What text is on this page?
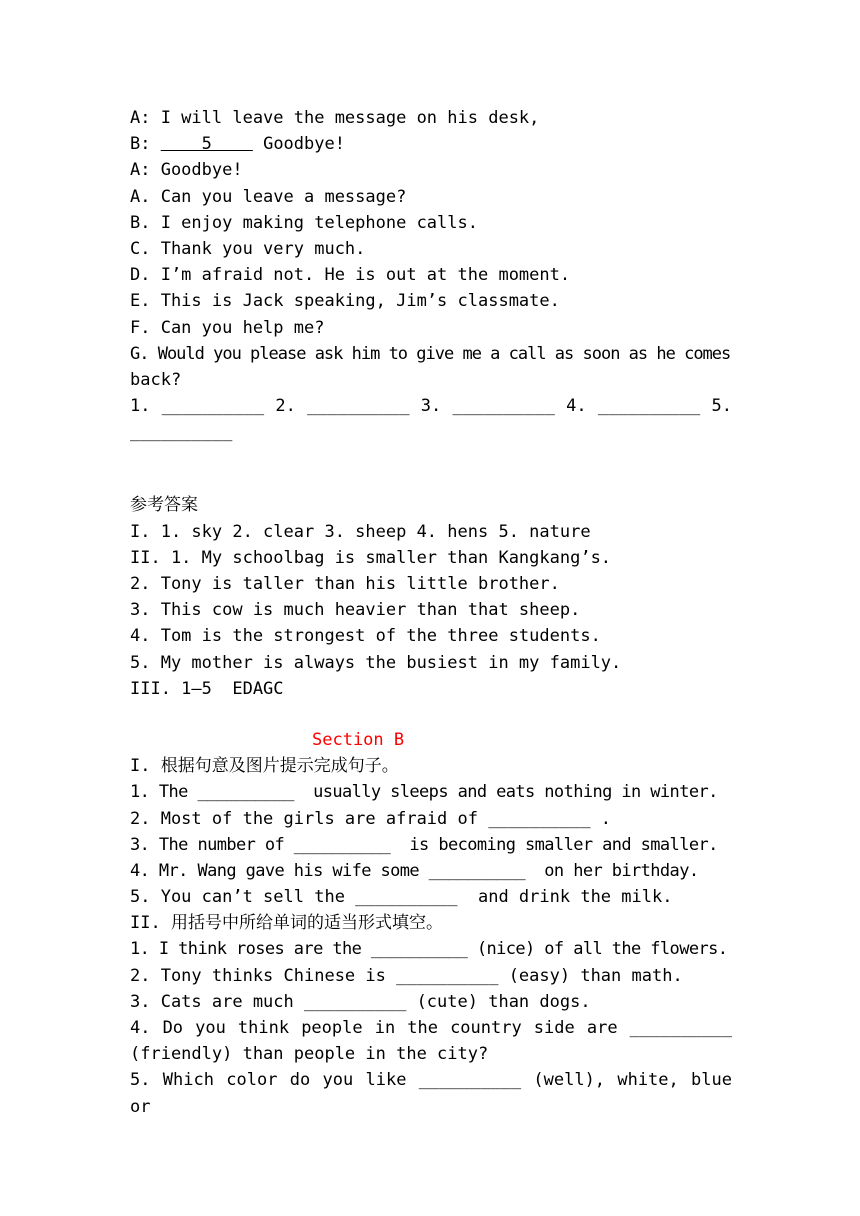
A: I will leave the message on his desk,
B:     5     Goodbye!
A: Goodbye!
A. Can you leave a message?
B. I enjoy making telephone calls.
C. Thank you very much.
D. I’m afraid not. He is out at the moment.
E. This is Jack speaking, Jim’s classmate.
F. Can you help me?
G. Would you please ask him to give me a call as soon as he comes
back?
1. __________ 2. __________ 3. __________ 4. __________ 5.
__________
参考答案
I. 1. sky 2. clear 3. sheep 4. hens 5. nature
II. 1. My schoolbag is smaller than Kangkang’s.
2. Tony is taller than his little brother.
3. This cow is much heavier than that sheep.
4. Tom is the strongest of the three students.
5. My mother is always the busiest in my family.
III. 1—5  EDAGC
Section B
I. 根据句意及图片提示完成句子。
1. The __________  usually sleeps and eats nothing in winter.
2. Most of the girls are afraid of __________ .
3. The number of __________  is becoming smaller and smaller.
4. Mr. Wang gave his wife some __________  on her birthday.
5. You can’t sell the __________  and drink the milk.
II. 用括号中所给单词的适当形式填空。
1. I think roses are the __________ (nice) of all the flowers.
2. Tony thinks Chinese is __________ (easy) than math.
3. Cats are much __________ (cute) than dogs.
4. Do you think people in the country side are __________
(friendly) than people in the city?
5. Which color do you like __________ (well), white, blue or
